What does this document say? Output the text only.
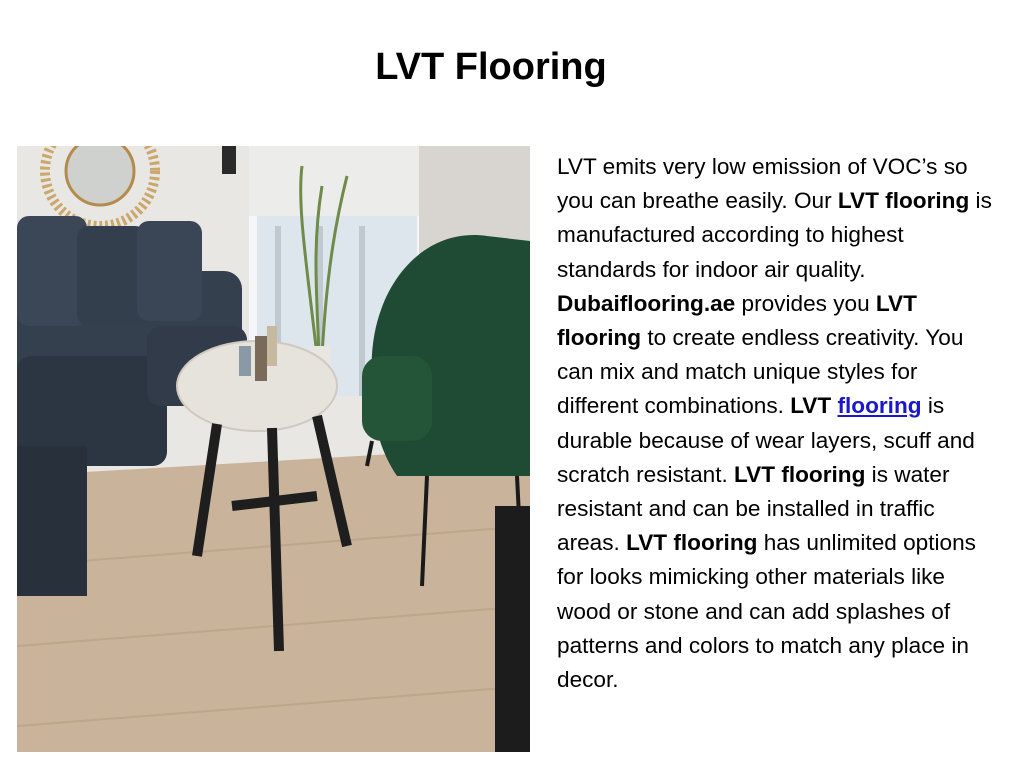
LVT Flooring

LVT emits very low emission of VOC’s so you can breathe easily. Our LVT flooring is manufactured according to highest standards for indoor air quality. Dubaiflooring.ae provides you LVT flooring to create endless creativity. You can mix and match unique styles for different combinations. LVT flooring is durable because of wear layers, scuff and scratch resistant. LVT flooring is water resistant and can be installed in traffic areas. LVT flooring has unlimited options for looks mimicking other materials like wood or stone and can add splashes of patterns and colors to match any place in decor.
